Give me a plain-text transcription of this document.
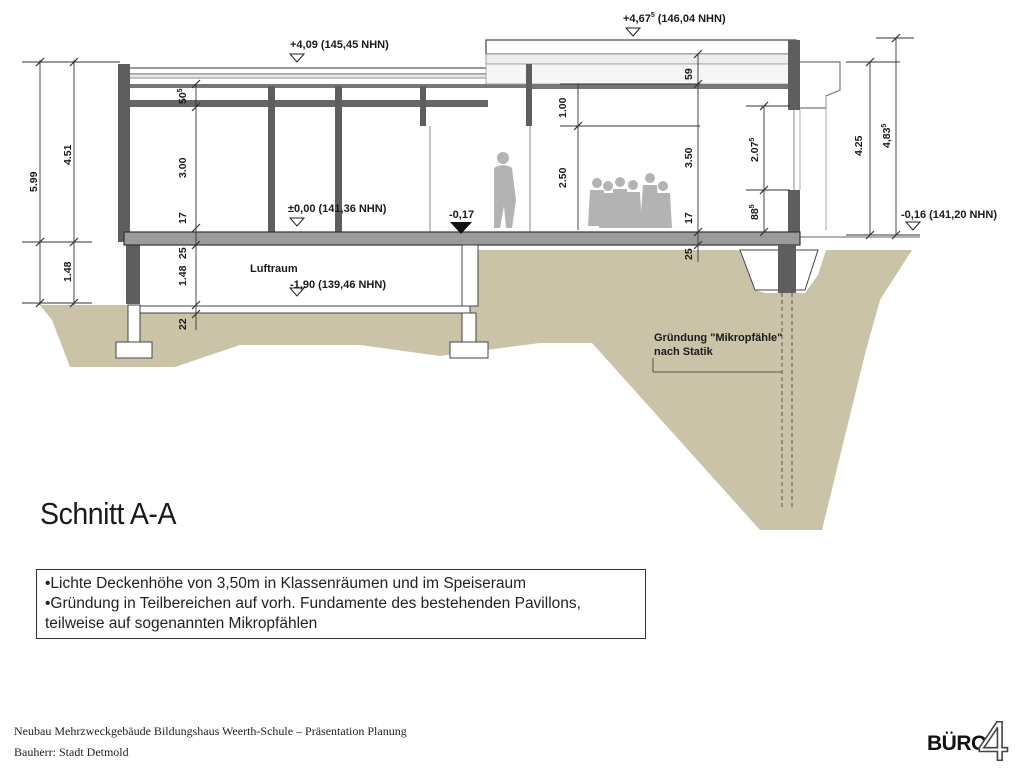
+4,09 (145,45 NHN)
$+4,67^5$ (146,04 NHN)
±0,00 (141,36 NHN)	-0,17	-0,16 (141,20 NHN)
-1,90 (139,46 NHN)
Luftraum
Gründung "Mikropfähle"
nach Statik
5.99
4.51
1.48
$50^5$
3.00
17
1.48
25
22
59
1.00
2.50
3.50
17
25
2.07$^5$
$88^5$
4.25 4,83$^5$
Schnitt A-A
•Lichte Deckenhöhe von 3,50m in Klassenräumen und im Speiseraum
•Gründung in Teilbereichen auf vorh. Fundamente des bestehenden Pavillons,
teilweise auf sogenannten Mikropfählen
Neubau Mehrzweckgebäude Bildungshaus Weerth-Schule – Präsentation Planung
Bauherr: Stadt Detmold	BÜRO
4
